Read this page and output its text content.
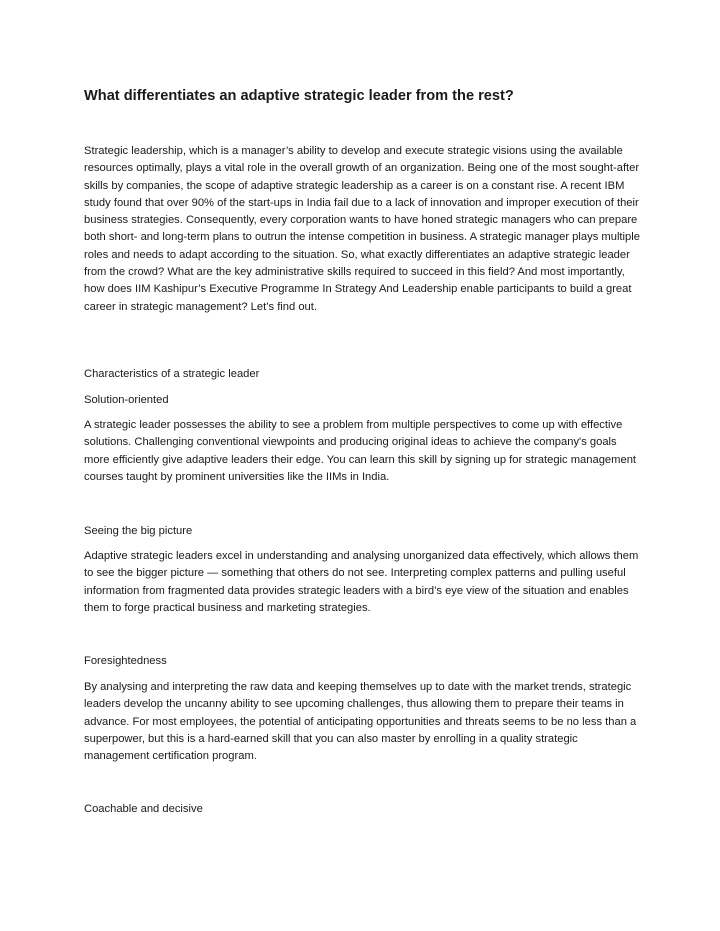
What differentiates an adaptive strategic leader from the rest?

Strategic leadership, which is a manager’s ability to develop and execute strategic visions using the available resources optimally, plays a vital role in the overall growth of an organization. Being one of the most sought-after skills by companies, the scope of adaptive strategic leadership as a career is on a constant rise. A recent IBM study found that over 90% of the start-ups in India fail due to a lack of innovation and improper execution of their business strategies. Consequently, every corporation wants to have honed strategic managers who can prepare both short- and long-term plans to outrun the intense competition in business. A strategic manager plays multiple roles and needs to adapt according to the situation. So, what exactly differentiates an adaptive strategic leader from the crowd? What are the key administrative skills required to succeed in this field? And most importantly, how does IIM Kashipur’s Executive Programme In Strategy And Leadership enable participants to build a great career in strategic management? Let’s find out.

Characteristics of a strategic leader

Solution-oriented

A strategic leader possesses the ability to see a problem from multiple perspectives to come up with effective solutions. Challenging conventional viewpoints and producing original ideas to achieve the company's goals more efficiently give adaptive leaders their edge. You can learn this skill by signing up for strategic management courses taught by prominent universities like the IIMs in India.

Seeing the big picture

Adaptive strategic leaders excel in understanding and analysing unorganized data effectively, which allows them to see the bigger picture — something that others do not see. Interpreting complex patterns and pulling useful information from fragmented data provides strategic leaders with a bird’s eye view of the situation and enables them to forge practical business and marketing strategies.

Foresightedness

By analysing and interpreting the raw data and keeping themselves up to date with the market trends, strategic leaders develop the uncanny ability to see upcoming challenges, thus allowing them to prepare their teams in advance. For most employees, the potential of anticipating opportunities and threats seems to be no less than a superpower, but this is a hard-earned skill that you can also master by enrolling in a quality strategic management certification program.

Coachable and decisive
